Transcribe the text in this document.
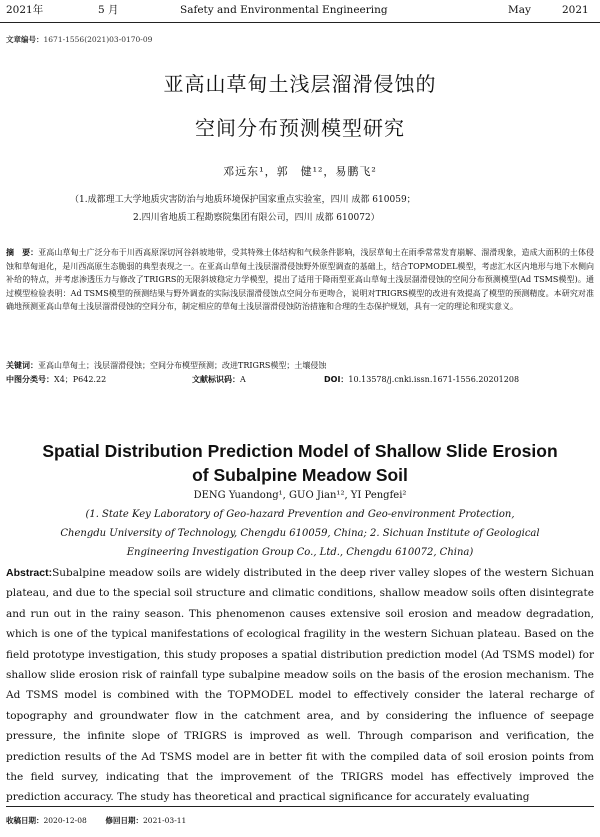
2021年	5 月	Safety and Environmental Engineering	May	2021
文章编号：1671-1556(2021)03-0170-09
亚高山草甸土浅层溜滑侵蚀的
空间分布预测模型研究
邓远东¹，郭　健¹²，易鹏飞²
（1.成都理工大学地质灾害防治与地质环境保护国家重点实验室，四川 成都 610059；
2.四川省地质工程勘察院集团有限公司，四川 成都 610072）
摘　要：亚高山草甸土广泛分布于川西高原深切河谷斜坡地带，受其特殊土体结构和气候条件影响，浅层草甸土在雨季常常发育崩解、溜滑现象，造成大面积的土体侵蚀和草甸退化，是川西高原生态脆弱的典型表现之一。在亚高山草甸土浅层溜滑侵蚀野外原型调查的基础上，结合TOPMODEL模型，考虑汇水区内地形与地下水侧向补给的特点，并考虑渗透压力与修改了TRIGRS的无限斜坡稳定力学模型，提出了适用于降雨型亚高山草甸土浅层溜滑侵蚀的空间分布预测模型(Ad TSMS模型)。通过模型检验表明：Ad TSMS模型的预测结果与野外调查的实际浅层溜滑侵蚀点空间分布更吻合，说明对TRIGRS模型的改进有效提高了模型的预测精度。本研究对准确地预测亚高山草甸土浅层溜滑侵蚀的空间分布，制定相应的草甸土浅层溜滑侵蚀防治措施和合理的生态保护规划，具有一定的理论和现实意义。
关键词：亚高山草甸土；浅层溜滑侵蚀；空间分布模型预测；改进TRIGRS模型；土壤侵蚀
中图分类号：X4；P642.22	文献标识码：A	DOI：10.13578/j.cnki.issn.1671-1556.20201208
Spatial Distribution Prediction Model of Shallow Slide Erosion
of Subalpine Meadow Soil
DENG Yuandong¹, GUO Jian¹², YI Pengfei²
(1. State Key Laboratory of Geo-hazard Prevention and Geo-environment Protection,
Chengdu University of Technology, Chengdu 610059, China; 2. Sichuan Institute of Geological
Engineering Investigation Group Co., Ltd., Chengdu 610072, China)
Abstract:Subalpine meadow soils are widely distributed in the deep river valley slopes of the western Sichuan plateau, and due to the special soil structure and climatic conditions, shallow meadow soils often disintegrate and run out in the rainy season. This phenomenon causes extensive soil erosion and meadow degradation, which is one of the typical manifestations of ecological fragility in the western Sichuan plateau. Based on the field prototype investigation, this study proposes a spatial distribution prediction model (Ad TSMS model) for shallow slide erosion risk of rainfall type subalpine meadow soils on the basis of the erosion mechanism. The Ad TSMS model is combined with the TOPMODEL model to effectively consider the lateral recharge of topography and groundwater flow in the catchment area, and by considering the influence of seepage pressure, the infinite slope of TRIGRS is improved as well. Through comparison and verification, the prediction results of the Ad TSMS model are in better fit with the compiled data of soil erosion points from the field survey, indicating that the improvement of the TRIGRS model has effectively improved the prediction accuracy. The study has theoretical and practical significance for accurately evaluating
收稿日期：2020-12-08	修回日期：2021-03-11
